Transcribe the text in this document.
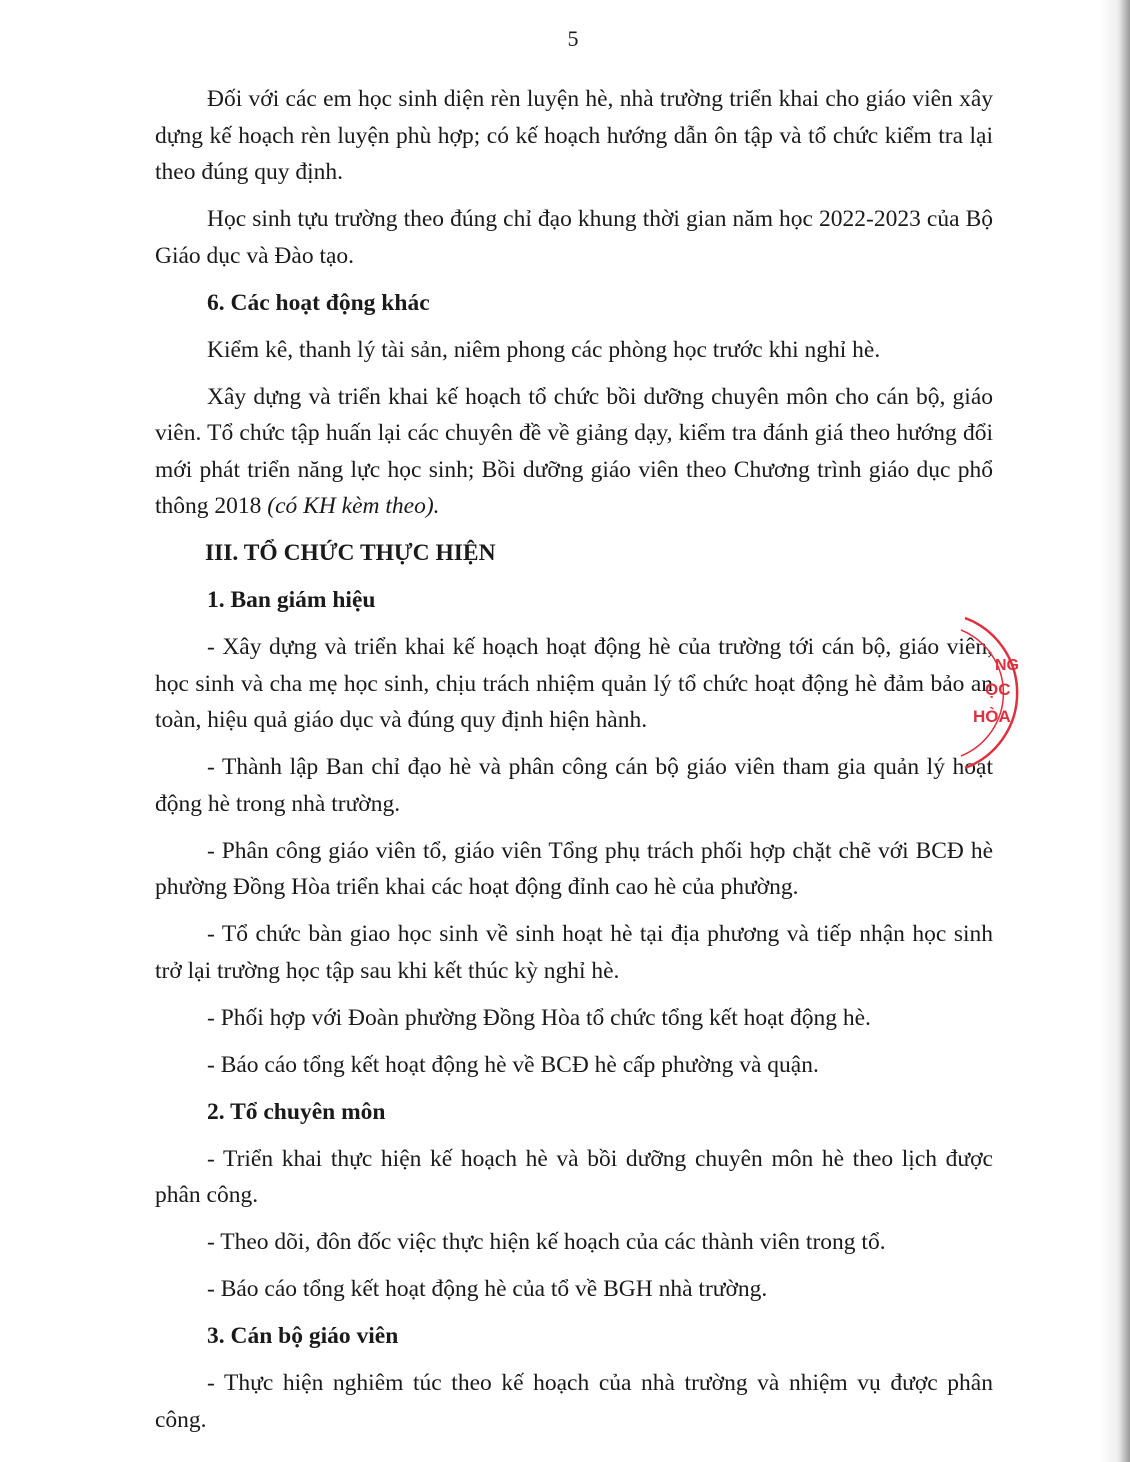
5

Đối với các em học sinh diện rèn luyện hè, nhà trường triển khai cho giáo viên xây dựng kế hoạch rèn luyện phù hợp; có kế hoạch hướng dẫn ôn tập và tổ chức kiểm tra lại theo đúng quy định.

Học sinh tựu trường theo đúng chỉ đạo khung thời gian năm học 2022-2023 của Bộ Giáo dục và Đào tạo.

6. Các hoạt động khác

Kiểm kê, thanh lý tài sản, niêm phong các phòng học trước khi nghỉ hè.

Xây dựng và triển khai kế hoạch tổ chức bồi dưỡng chuyên môn cho cán bộ, giáo viên. Tổ chức tập huấn lại các chuyên đề về giảng dạy, kiểm tra đánh giá theo hướng đổi mới phát triển năng lực học sinh; Bồi dưỡng giáo viên theo Chương trình giáo dục phổ thông 2018 (có KH kèm theo).

III. TỔ CHỨC THỰC HIỆN

1. Ban giám hiệu

- Xây dựng và triển khai kế hoạch hoạt động hè của trường tới cán bộ, giáo viên, học sinh và cha mẹ học sinh, chịu trách nhiệm quản lý tổ chức hoạt động hè đảm bảo an toàn, hiệu quả giáo dục và đúng quy định hiện hành.

- Thành lập Ban chỉ đạo hè và phân công cán bộ giáo viên tham gia quản lý hoạt động hè trong nhà trường.

- Phân công giáo viên tổ, giáo viên Tổng phụ trách phối hợp chặt chẽ với BCĐ hè phường Đồng Hòa triển khai các hoạt động đỉnh cao hè của phường.

- Tổ chức bàn giao học sinh về sinh hoạt hè tại địa phương và tiếp nhận học sinh trở lại trường học tập sau khi kết thúc kỳ nghỉ hè.

- Phối hợp với Đoàn phường Đồng Hòa tổ chức tổng kết hoạt động hè.

- Báo cáo tổng kết hoạt động hè về BCĐ hè cấp phường và quận.

2. Tổ chuyên môn

- Triển khai thực hiện kế hoạch hè và bồi dưỡng chuyên môn hè theo lịch được phân công.

- Theo dõi, đôn đốc việc thực hiện kế hoạch của các thành viên trong tổ.

- Báo cáo tổng kết hoạt động hè của tổ về BGH nhà trường.

3. Cán bộ giáo viên

- Thực hiện nghiêm túc theo kế hoạch của nhà trường và nhiệm vụ được phân công.

NG
ỌC
HÒA
